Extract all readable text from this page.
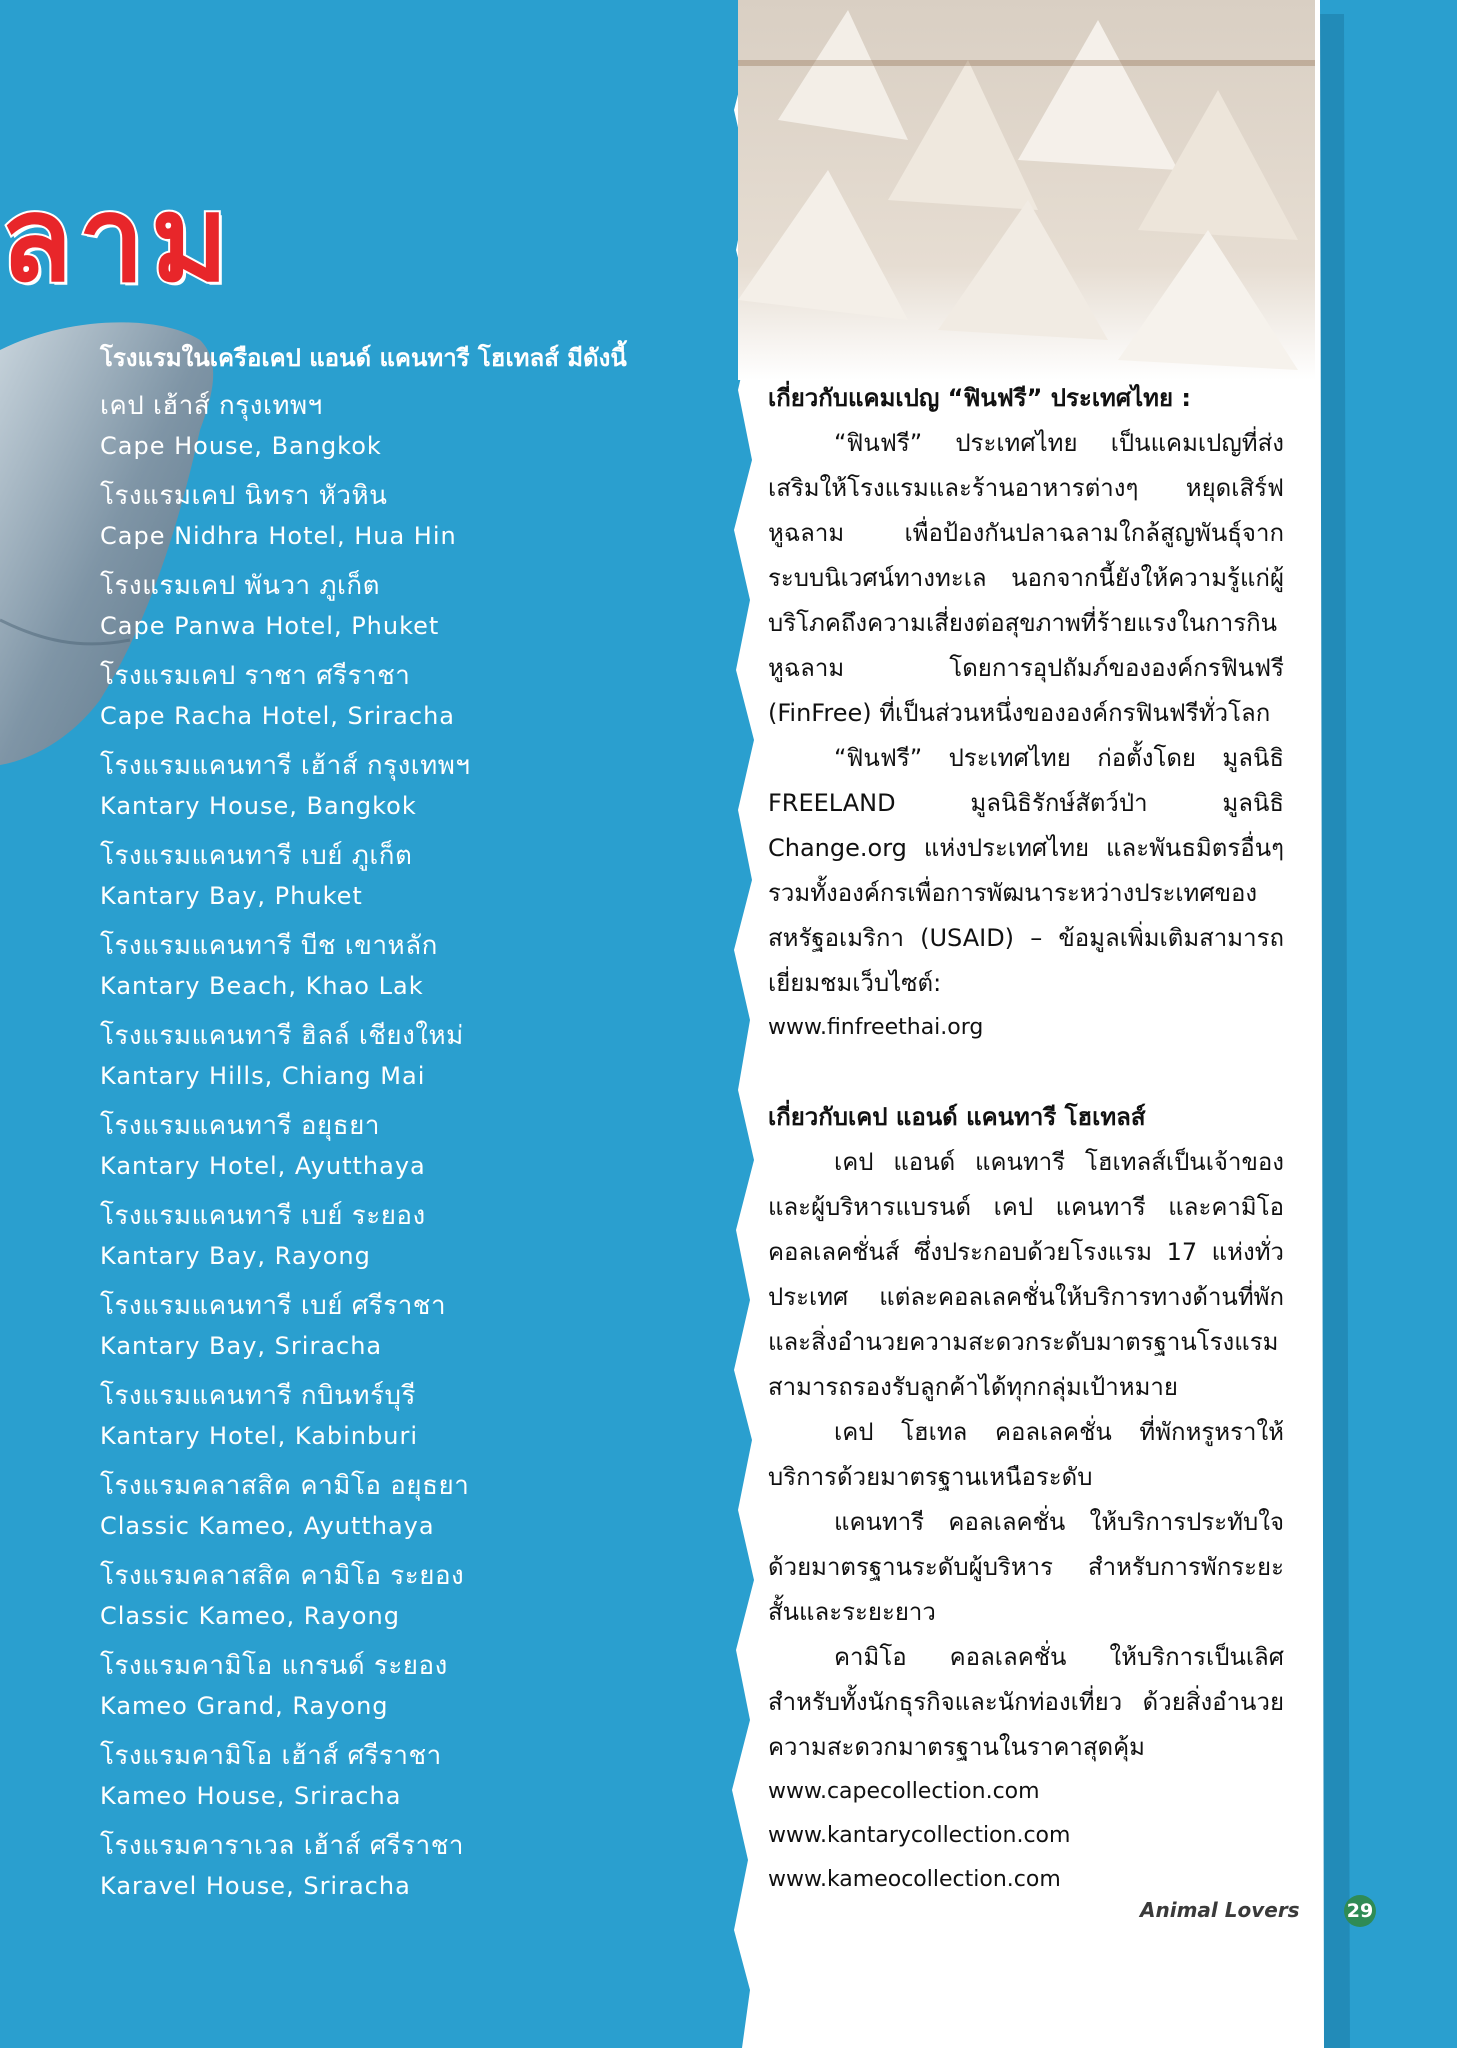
ลาม
โรงแรมในเครือเคป แอนด์ แคนทารี โฮเทลส์ มีดังนี้
เคป เฮ้าส์ กรุงเทพฯ
Cape House, Bangkok
โรงแรมเคป นิทรา หัวหิน
Cape Nidhra Hotel, Hua Hin
โรงแรมเคป พันวา ภูเก็ต
Cape Panwa Hotel, Phuket
โรงแรมเคป ราชา ศรีราชา
Cape Racha Hotel, Sriracha
โรงแรมแคนทารี เฮ้าส์ กรุงเทพฯ
Kantary House, Bangkok
โรงแรมแคนทารี เบย์ ภูเก็ต
Kantary Bay, Phuket
โรงแรมแคนทารี บีช เขาหลัก
Kantary Beach, Khao Lak
โรงแรมแคนทารี ฮิลล์ เชียงใหม่
Kantary Hills, Chiang Mai
โรงแรมแคนทารี อยุธยา
Kantary Hotel, Ayutthaya
โรงแรมแคนทารี เบย์ ระยอง
Kantary Bay, Rayong
โรงแรมแคนทารี เบย์ ศรีราชา
Kantary Bay, Sriracha
โรงแรมแคนทารี กบินทร์บุรี
Kantary Hotel, Kabinburi
โรงแรมคลาสสิค คามิโอ อยุธยา
Classic Kameo, Ayutthaya
โรงแรมคลาสสิค คามิโอ ระยอง
Classic Kameo, Rayong
โรงแรมคามิโอ แกรนด์ ระยอง
Kameo Grand, Rayong
โรงแรมคามิโอ เฮ้าส์ ศรีราชา
Kameo House, Sriracha
โรงแรมคาราเวล เฮ้าส์ ศรีราชา
Karavel House, Sriracha
เกี่ยวกับแคมเปญ “ฟินฟรี” ประเทศไทย :

“ฟินฟรี” ประเทศไทย เป็นแคมเปญที่ส่งเสริมให้โรงแรมและร้านอาหารต่างๆ หยุดเสิร์ฟหูฉลาม เพื่อป้องกันปลาฉลามใกล้สูญพันธุ์จากระบบนิเวศน์ทางทะเล นอกจากนี้ยังให้ความรู้แก่ผู้บริโภคถึงความเสี่ยงต่อสุขภาพที่ร้ายแรงในการกินหูฉลาม โดยการอุปถัมภ์ขององค์กรฟินฟรี (FinFree) ที่เป็นส่วนหนึ่งขององค์กรฟินฟรีทั่วโลก

“ฟินฟรี” ประเทศไทย ก่อตั้งโดย มูลนิธิ FREELAND มูลนิธิรักษ์สัตว์ป่า มูลนิธิ Change.org แห่งประเทศไทย และพันธมิตรอื่นๆ รวมทั้งองค์กรเพื่อการพัฒนาระหว่างประเทศของสหรัฐอเมริกา (USAID) – ข้อมูลเพิ่มเติมสามารถเยี่ยมชมเว็บไซต์:

www.finfreethai.org
เกี่ยวกับเคป แอนด์ แคนทารี โฮเทลส์

เคป แอนด์ แคนทารี โฮเทลส์เป็นเจ้าของและผู้บริหารแบรนด์ เคป แคนทารี และคามิโอ คอลเลคชั่นส์ ซึ่งประกอบด้วยโรงแรม 17 แห่งทั่วประเทศ แต่ละคอลเลคชั่นให้บริการทางด้านที่พักและสิ่งอำนวยความสะดวกระดับมาตรฐานโรงแรม สามารถรองรับลูกค้าได้ทุกกลุ่มเป้าหมาย

เคป โฮเทล คอลเลคชั่น ที่พักหรูหราให้บริการด้วยมาตรฐานเหนือระดับ

แคนทารี คอลเลคชั่น ให้บริการประทับใจด้วยมาตรฐานระดับผู้บริหาร สำหรับการพักระยะสั้นและระยะยาว

คามิโอ คอลเลคชั่น ให้บริการเป็นเลิศสำหรับทั้งนักธุรกิจและนักท่องเที่ยว ด้วยสิ่งอำนวยความสะดวกมาตรฐานในราคาสุดคุ้ม

www.capecollection.com
www.kantarycollection.com
www.kameocollection.com
Animal Lovers 29
